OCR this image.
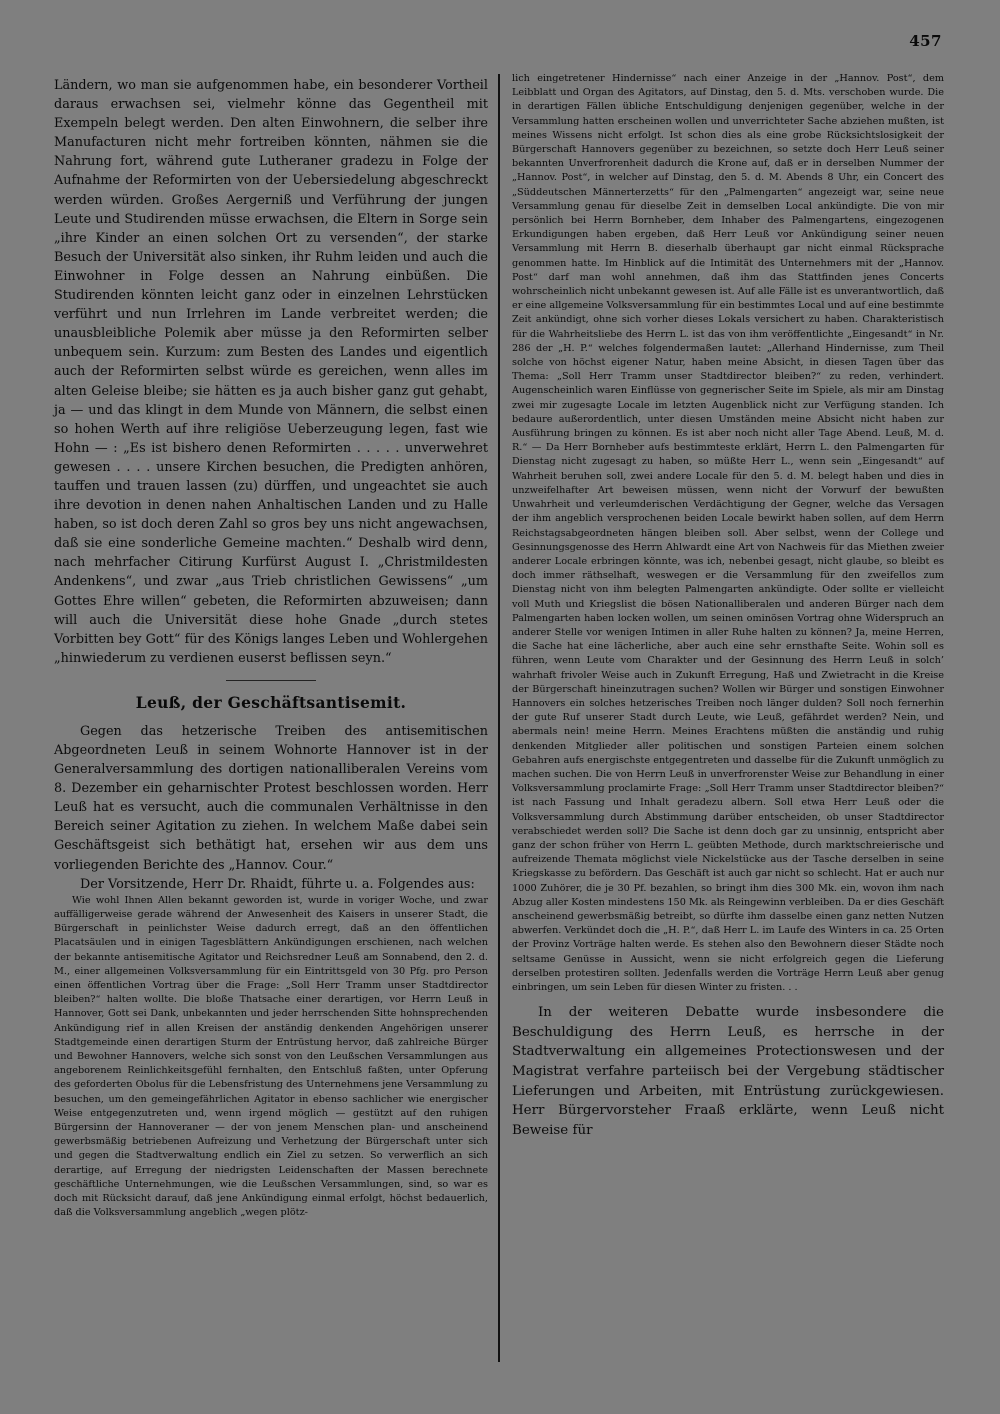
457

Ländern, wo man sie aufgenommen habe, ein besonderer Vortheil daraus erwachsen sei, vielmehr könne das Gegentheil mit Exempeln belegt werden. Den alten Einwohnern, die selber ihre Manufacturen nicht mehr fortreiben könnten, nähmen sie die Nahrung fort, während gute Lutheraner gradezu in Folge der Aufnahme der Reformirten von der Uebersiedelung abgeschreckt werden würden. Großes Aergerniß und Verführung der jungen Leute und Studirenden müsse erwachsen, die Eltern in Sorge sein „ihre Kinder an einen solchen Ort zu versenden“, der starke Besuch der Universität also sinken, ihr Ruhm leiden und auch die Einwohner in Folge dessen an Nahrung einbüßen. Die Studirenden könnten leicht ganz oder in einzelnen Lehrstücken verführt und nun Irrlehren im Lande verbreitet werden; die unausbleibliche Polemik aber müsse ja den Reformirten selber unbequem sein. Kurzum: zum Besten des Landes und eigentlich auch der Reformirten selbst würde es gereichen, wenn alles im alten Geleise bleibe; sie hätten es ja auch bisher ganz gut gehabt, ja — und das klingt in dem Munde von Männern, die selbst einen so hohen Werth auf ihre religiöse Ueberzeugung legen, fast wie Hohn — : „Es ist bishero denen Reformirten . . . . . unverwehret gewesen . . . . unsere Kirchen besuchen, die Predigten anhören, tauffen und trauen lassen (zu) dürffen, und ungeachtet sie auch ihre devotion in denen nahen Anhaltischen Landen und zu Halle haben, so ist doch deren Zahl so gros bey uns nicht angewachsen, daß sie eine sonderliche Gemeine machten.“ Deshalb wird denn, nach mehrfacher Citirung Kurfürst August I. „Christmildesten Andenkens“, und zwar „aus Trieb christlichen Gewissens“ „um Gottes Ehre willen“ gebeten, die Reformirten abzuweisen; dann will auch die Universität diese hohe Gnade „durch stetes Vorbitten bey Gott“ für des Königs langes Leben und Wohlergehen „hinwiederum zu verdienen euserst beflissen seyn.“

Leuß, der Geschäftsantisemit.

Gegen das hetzerische Treiben des antisemitischen Abgeordneten Leuß in seinem Wohnorte Hannover ist in der Generalversammlung des dortigen nationalliberalen Vereins vom 8. Dezember ein geharnischter Protest beschlossen worden. Herr Leuß hat es versucht, auch die communalen Verhältnisse in den Bereich seiner Agitation zu ziehen. In welchem Maße dabei sein Geschäftsgeist sich bethätigt hat, ersehen wir aus dem uns vorliegenden Berichte des „Hannov. Cour.“

Der Vorsitzende, Herr Dr. Rhaidt, führte u. a. Folgendes aus:

Wie wohl Ihnen Allen bekannt geworden ist, wurde in voriger Woche, und zwar auffälligerweise gerade während der Anwesenheit des Kaisers in unserer Stadt, die Bürgerschaft in peinlichster Weise dadurch erregt, daß an den öffentlichen Placatsäulen und in einigen Tagesblättern Ankündigungen erschienen, nach welchen der bekannte antisemitische Agitator und Reichsredner Leuß am Sonnabend, den 2. d. M., einer allgemeinen Volksversammlung für ein Eintrittsgeld von 30 Pfg. pro Person einen öffentlichen Vortrag über die Frage: „Soll Herr Tramm unser Stadtdirector bleiben?“ halten wollte. Die bloße Thatsache einer derartigen, vor Herrn Leuß in Hannover, Gott sei Dank, unbekannten und jeder herrschenden Sitte hohnsprechenden Ankündigung rief in allen Kreisen der anständig denkenden Angehörigen unserer Stadtgemeinde einen derartigen Sturm der Entrüstung hervor, daß zahlreiche Bürger und Bewohner Hannovers, welche sich sonst von den Leußschen Versammlungen aus angeborenem Reinlichkeitsgefühl fernhalten, den Entschluß faßten, unter Opferung des geforderten Obolus für die Lebensfristung des Unternehmens jene Versammlung zu besuchen, um den gemeingefährlichen Agitator in ebenso sachlicher wie energischer Weise entgegenzutreten und, wenn irgend möglich — gestützt auf den ruhigen Bürgersinn der Hannoveraner — der von jenem Menschen plan- und anscheinend gewerbsmäßig betriebenen Aufreizung und Verhetzung der Bürgerschaft unter sich und gegen die Stadtverwaltung endlich ein Ziel zu setzen. So verwerflich an sich derartige, auf Erregung der niedrigsten Leidenschaften der Massen berechnete geschäftliche Unternehmungen, wie die Leußschen Versammlungen, sind, so war es doch mit Rücksicht darauf, daß jene Ankündigung einmal erfolgt, höchst bedauerlich, daß die Volksversammlung angeblich „wegen plötz-

lich eingetretener Hindernisse“ nach einer Anzeige in der „Hannov. Post“, dem Leibblatt und Organ des Agitators, auf Dinstag, den 5. d. Mts. verschoben wurde. Die in derartigen Fällen übliche Entschuldigung denjenigen gegenüber, welche in der Versammlung hatten erscheinen wollen und unverrichteter Sache abziehen mußten, ist meines Wissens nicht erfolgt. Ist schon dies als eine grobe Rücksichtslosigkeit der Bürgerschaft Hannovers gegenüber zu bezeichnen, so setzte doch Herr Leuß seiner bekannten Unverfrorenheit dadurch die Krone auf, daß er in derselben Nummer der „Hannov. Post“, in welcher auf Dinstag, den 5. d. M. Abends 8 Uhr, ein Concert des „Süddeutschen Männerterzetts“ für den „Palmengarten“ angezeigt war, seine neue Versammlung genau für dieselbe Zeit in demselben Local ankündigte. Die von mir persönlich bei Herrn Bornheber, dem Inhaber des Palmengartens, eingezogenen Erkundigungen haben ergeben, daß Herr Leuß vor Ankündigung seiner neuen Versammlung mit Herrn B. dieserhalb überhaupt gar nicht einmal Rücksprache genommen hatte. Im Hinblick auf die Intimität des Unternehmers mit der „Hannov. Post“ darf man wohl annehmen, daß ihm das Stattfinden jenes Concerts wohrscheinlich nicht unbekannt gewesen ist. Auf alle Fälle ist es unverantwortlich, daß er eine allgemeine Volksversammlung für ein bestimmtes Local und auf eine bestimmte Zeit ankündigt, ohne sich vorher dieses Lokals versichert zu haben. Charakteristisch für die Wahrheitsliebe des Herrn L. ist das von ihm veröffentlichte „Eingesandt“ in Nr. 286 der „H. P.“ welches folgendermaßen lautet: „Allerhand Hindernisse, zum Theil solche von höchst eigener Natur, haben meine Absicht, in diesen Tagen über das Thema: „Soll Herr Tramm unser Stadtdirector bleiben?“ zu reden, verhindert. Augenscheinlich waren Einflüsse von gegnerischer Seite im Spiele, als mir am Dinstag zwei mir zugesagte Locale im letzten Augenblick nicht zur Verfügung standen. Ich bedaure außerordentlich, unter diesen Umständen meine Absicht nicht haben zur Ausführung bringen zu können. Es ist aber noch nicht aller Tage Abend. Leuß, M. d. R.“ — Da Herr Bornheber aufs bestimmteste erklärt, Herrn L. den Palmengarten für Dienstag nicht zugesagt zu haben, so müßte Herr L., wenn sein „Eingesandt“ auf Wahrheit beruhen soll, zwei andere Locale für den 5. d. M. belegt haben und dies in unzweifelhafter Art beweisen müssen, wenn nicht der Vorwurf der bewußten Unwahrheit und verleumderischen Verdächtigung der Gegner, welche das Versagen der ihm angeblich versprochenen beiden Locale bewirkt haben sollen, auf dem Herrn Reichstagsabgeordneten hängen bleiben soll. Aber selbst, wenn der College und Gesinnungsgenosse des Herrn Ahlwardt eine Art von Nachweis für das Miethen zweier anderer Locale erbringen könnte, was ich, nebenbei gesagt, nicht glaube, so bleibt es doch immer räthselhaft, weswegen er die Versammlung für den zweifellos zum Dienstag nicht von ihm belegten Palmengarten ankündigte. Oder sollte er vielleicht voll Muth und Kriegslist die bösen Nationalliberalen und anderen Bürger nach dem Palmengarten haben locken wollen, um seinen ominösen Vortrag ohne Widerspruch an anderer Stelle vor wenigen Intimen in aller Ruhe halten zu können? Ja, meine Herren, die Sache hat eine lächerliche, aber auch eine sehr ernsthafte Seite. Wohin soll es führen, wenn Leute vom Charakter und der Gesinnung des Herrn Leuß in solch’ wahrhaft frivoler Weise auch in Zukunft Erregung, Haß und Zwietracht in die Kreise der Bürgerschaft hineinzutragen suchen? Wollen wir Bürger und sonstigen Einwohner Hannovers ein solches hetzerisches Treiben noch länger dulden? Soll noch fernerhin der gute Ruf unserer Stadt durch Leute, wie Leuß, gefährdet werden? Nein, und abermals nein! meine Herrn. Meines Erachtens müßten die anständig und ruhig denkenden Mitglieder aller politischen und sonstigen Parteien einem solchen Gebahren aufs energischste entgegentreten und dasselbe für die Zukunft unmöglich zu machen suchen. Die von Herrn Leuß in unverfrorenster Weise zur Behandlung in einer Volksversammlung proclamirte Frage: „Soll Herr Tramm unser Stadtdirector bleiben?“ ist nach Fassung und Inhalt geradezu albern. Soll etwa Herr Leuß oder die Volksversammlung durch Abstimmung darüber entscheiden, ob unser Stadtdirector verabschiedet werden soll? Die Sache ist denn doch gar zu unsinnig, entspricht aber ganz der schon früher von Herrn L. geübten Methode, durch marktschreierische und aufreizende Themata möglichst viele Nickelstücke aus der Tasche derselben in seine Kriegskasse zu befördern. Das Geschäft ist auch gar nicht so schlecht. Hat er auch nur 1000 Zuhörer, die je 30 Pf. bezahlen, so bringt ihm dies 300 Mk. ein, wovon ihm nach Abzug aller Kosten mindestens 150 Mk. als Reingewinn verbleiben. Da er dies Geschäft anscheinend gewerbsmäßig betreibt, so dürfte ihm dasselbe einen ganz netten Nutzen abwerfen. Verkündet doch die „H. P.“, daß Herr L. im Laufe des Winters in ca. 25 Orten der Provinz Vorträge halten werde. Es stehen also den Bewohnern dieser Städte noch seltsame Genüsse in Aussicht, wenn sie nicht erfolgreich gegen die Lieferung derselben protestiren sollten. Jedenfalls werden die Vorträge Herrn Leuß aber genug einbringen, um sein Leben für diesen Winter zu fristen. . .

In der weiteren Debatte wurde insbesondere die Beschuldigung des Herrn Leuß, es herrsche in der Stadtverwaltung ein allgemeines Protectionswesen und der Magistrat verfahre parteiisch bei der Vergebung städtischer Lieferungen und Arbeiten, mit Entrüstung zurückgewiesen. Herr Bürgervorsteher Fraaß erklärte, wenn Leuß nicht Beweise für
